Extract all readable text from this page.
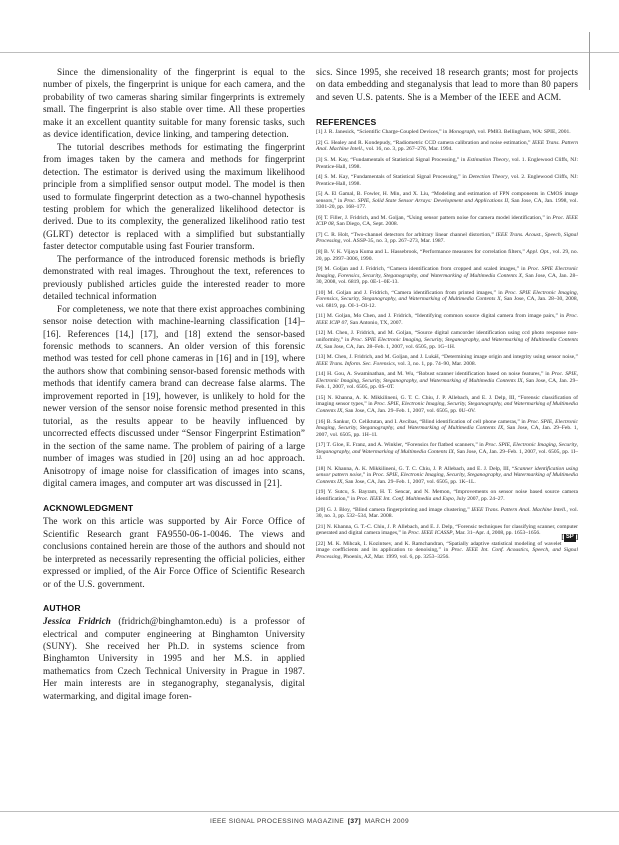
Since the dimensionality of the fingerprint is equal to the number of pixels, the fingerprint is unique for each camera, and the probability of two cameras sharing similar fingerprints is extremely small. The fingerprint is also stable over time. All these properties make it an excellent quantity suitable for many forensic tasks, such as device identification, device linking, and tampering detection.

The tutorial describes methods for estimating the fingerprint from images taken by the camera and methods for fingerprint detection. The estimator is derived using the maximum likelihood principle from a simplified sensor output model. The model is then used to formulate fingerprint detection as a two-channel hypothesis testing problem for which the generalized likelihood detector is derived. Due to its complexity, the generalized likelihood ratio test (GLRT) detector is replaced with a simplified but substantially faster detector computable using fast Fourier transform.

The performance of the introduced forensic methods is briefly demonstrated with real images. Throughout the text, references to previously published articles guide the interested reader to more detailed technical information

For completeness, we note that there exist approaches combining sensor noise detection with machine-learning classification [14]–[16]. References [14,] [17], and [18] extend the sensor-based forensic methods to scanners. An older version of this forensic method was tested for cell phone cameras in [16] and in [19], where the authors show that combining sensor-based forensic methods with methods that identify camera brand can decrease false alarms. The improvement reported in [19], however, is unlikely to hold for the newer version of the sensor noise forensic method presented in this tutorial, as the results appear to be heavily influenced by uncorrected effects discussed under “Sensor Fingerprint Estimation” in the section of the same name. The problem of pairing of a large number of images was studied in [20] using an ad hoc approach. Anisotropy of image noise for classification of images into scans, digital camera images, and computer art was discussed in [21].

ACKNOWLEDGMENT

The work on this article was supported by Air Force Office of Scientific Research grant FA9550-06-1-0046. The views and conclusions contained herein are those of the authors and should not be interpreted as necessarily representing the official policies, either expressed or implied, of the Air Force Office of Scientific Research or of the U.S. government.

AUTHOR

Jessica Fridrich (fridrich@binghamton.edu) is a professor of electrical and computer engineering at Binghamton University (SUNY). She received her Ph.D. in systems science from Binghamton University in 1995 and her M.S. in applied mathematics from Czech Technical University in Prague in 1987. Her main interests are in steganography, steganalysis, digital watermarking, and digital image foren-

sics. Since 1995, she received 18 research grants; most for projects on data embedding and steganalysis that lead to more than 80 papers and seven U.S. patents. She is a Member of the IEEE and ACM.

REFERENCES

[1] J. R. Janesick, “Scientific Charge-Coupled Devices,” in Monograph, vol. PM83. Bellingham, WA: SPIE, 2001.

[2] G. Healey and R. Kondepudy, “Radiometric CCD camera calibration and noise estimation,” IEEE Trans. Pattern Anal. Machine Intell., vol. 16, no. 3, pp. 267–276, Mar. 1994.

[3] S. M. Kay, “Fundamentals of Statistical Signal Processing,” in Estimation Theory, vol. 1. Englewood Cliffs, NJ: Prentice-Hall, 1998.

[4] S. M. Kay, “Fundamentals of Statistical Signal Processing,” in Detection Theory, vol. 2. Englewood Cliffs, NJ: Prentice-Hall, 1998.

[5] A. El Gamal, B. Fowler, H. Min, and X. Liu, “Modeling and estimation of FPN components in CMOS image sensors,” in Proc. SPIE, Solid State Sensor Arrays: Development and Applications II, San Jose, CA, Jan. 1998, vol. 3301-20, pp. 168–177.

[6] T. Filler, J. Fridrich, and M. Goljan, “Using sensor pattern noise for camera model identification,” in Proc. IEEE ICIP 08, San Diego, CA, Sept. 2008.

[7] C. R. Holt, “Two-channel detectors for arbitrary linear channel distortion,” IEEE Trans. Acoust., Speech, Signal Processing, vol. ASSP-35, no. 3, pp. 267–273, Mar. 1987.

[8] B. V. K. Vijaya Kuma and L. Hassebrook, “Performance measures for correlation filters,” Appl. Opt., vol. 29, no. 20, pp. 2997–3006, 1990.

[9] M. Goljan and J. Fridrich, “Camera identification from cropped and scaled images,” in Proc. SPIE Electronic Imaging, Forensics, Security, Steganography, and Watermarking of Multimedia Contents X, San Jose, CA, Jan. 28–30, 2008, vol. 6819, pp. 0E-1–0E-13.

[10] M. Goljan and J. Fridrich, “Camera identification from printed images,” in Proc. SPIE Electronic Imaging, Forensics, Security, Steganography, and Watermarking of Multimedia Contents X, San Jose, CA, Jan. 28–30, 2008, vol. 6819, pp. OI-1–OI-12.

[11] M. Goljan, Mo Chen, and J. Fridrich, “Identifying common source digital camera from image pairs,” in Proc. IEEE ICIP 07, San Antonio, TX, 2007.

[12] M. Chen, J. Fridrich, and M. Goljan, “Source digital camcorder identification using ccd photo response non-uniformity,” in Proc. SPIE Electronic Imaging, Security, Steganography, and Watermarking of Multimedia Contents IX, San Jose, CA, Jan. 28–Feb. 1, 2007, vol. 6505, pp. 1G–1H.

[13] M. Chen, J. Fridrich, and M. Goljan, and J. Lukáš, “Determining image origin and integrity using sensor noise,” IEEE Trans. Inform. Sec. Forensics, vol. 3, no. 1, pp. 74–90, Mar. 2008.

[14] H. Gou, A. Swaminathan, and M. Wu, “Robust scanner identification based on noise features,” in Proc. SPIE, Electronic Imaging, Security, Steganography, and Watermarking of Multimedia Contents IX, San Jose, CA, Jan. 29–Feb. 1, 2007, vol. 6505, pp. 0S–0T.

[15] N. Khanna, A. K. Mikkilineni, G. T. C. Chiu, J. P. Allebach, and E. J. Delp, III, “Forensic classification of imaging sensor types,” in Proc. SPIE, Electronic Imaging, Security, Steganography, and Watermarking of Multimedia Contents IX, San Jose, CA, Jan. 29–Feb. 1, 2007, vol. 6505, pp. 0U–0V.

[16] B. Sankur, O. Celiktutan, and I. Avcibas, “Blind identification of cell phone cameras,” in Proc. SPIE, Electronic Imaging, Security, Steganography, and Watermarking of Multimedia Contents IX, San Jose, CA, Jan. 29–Feb. 1, 2007, vol. 6505, pp. 1H–1I.

[17] T. Gloe, E. Franz, and A. Winkler, “Forensics for flatbed scanners,” in Proc. SPIE, Electronic Imaging, Security, Steganography, and Watermarking of Multimedia Contents IX, San Jose, CA, Jan. 29–Feb. 1, 2007, vol. 6505, pp. 1I–1J.

[18] N. Khanna, A. K. Mikkilineni, G. T. C. Chiu, J. P. Allebach, and E. J. Delp, III, “Scanner identification using sensor pattern noise,” in Proc. SPIE, Electronic Imaging, Security, Steganography, and Watermarking of Multimedia Contents IX, San Jose, CA, Jan. 29–Feb. 1, 2007, vol. 6505, pp. 1K–1L.

[19] Y. Sutcu, S. Bayram, H. T. Sencar, and N. Memon, “Improvements on sensor noise based source camera identification,” in Proc. IEEE Int. Conf. Multimedia and Expo, July 2007, pp. 24–27.

[20] G. J. Bloy, “Blind camera fingerprinting and image clustering,” IEEE Trans. Pattern Anal. Machine Intell., vol. 30, no. 3, pp. 532–534, Mar. 2008.

[21] N. Khanna, G. T.-C. Chiu, J. P. Allebach, and E. J. Delp, “Forensic techniques for classifying scanner, computer generated and digital camera images,” in Proc. IEEE ICASSP, Mar. 31–Apr. 4, 2008, pp. 1653–1656.

[ SP ]
[22] M. K. Mihcak, I. Kozintsev, and K. Ramchandran, “Spatially adaptive statistical modeling of wavelet image coefficients and its application to denoising,” in Proc. IEEE Int. Conf. Acoustics, Speech, and Signal Processing, Phoenix, AZ, Mar. 1999, vol. 6, pp. 3253–3256.

IEEE SIGNAL PROCESSING MAGAZINE [37] MARCH 2009
